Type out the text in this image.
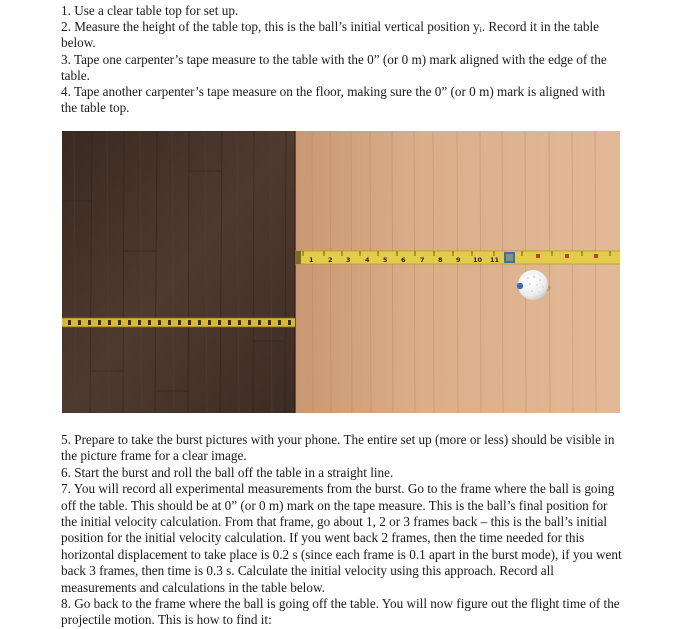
1. Use a clear table top for set up.

2. Measure the height of the table top, this is the ball’s initial vertical position yᵢ. Record it in the table below.

3. Tape one carpenter’s tape measure to the table with the 0” (or 0 m) mark aligned with the edge of the table.

4. Tape another carpenter’s tape measure on the floor, making sure the 0” (or 0 m) mark is aligned with the table top.

1 2 3 4 5 6 7 8 9 10 11

5. Prepare to take the burst pictures with your phone. The entire set up (more or less) should be visible in the picture frame for a clear image.

6. Start the burst and roll the ball off the table in a straight line.

7. You will record all experimental measurements from the burst. Go to the frame where the ball is going off the table. This should be at 0” (or 0 m) mark on the tape measure. This is the ball’s final position for the initial velocity calculation. From that frame, go about 1, 2 or 3 frames back – this is the ball’s initial position for the initial velocity calculation. If you went back 2 frames, then the time needed for this horizontal displacement to take place is 0.2 s (since each frame is 0.1 apart in the burst mode), if you went back 3 frames, then time is 0.3 s. Calculate the initial velocity using this approach. Record all measurements and calculations in the table below.

8. Go back to the frame where the ball is going off the table. You will now figure out the flight time of the projectile motion. This is how to find it:
